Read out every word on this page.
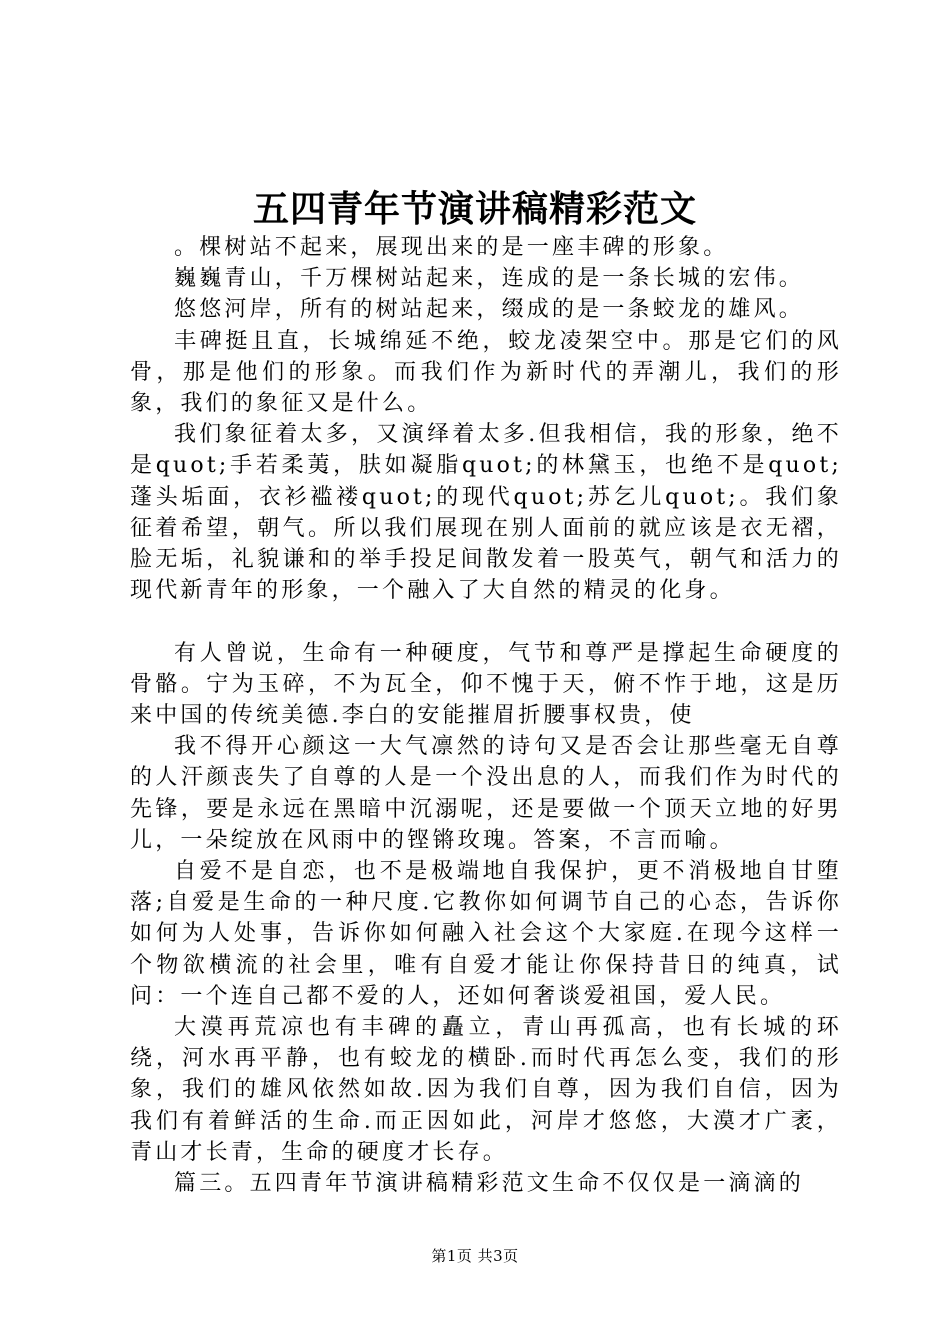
五四青年节演讲稿精彩范文

。棵树站不起来，展现出来的是一座丰碑的形象。

巍巍青山，千万棵树站起来，连成的是一条长城的宏伟。

悠悠河岸，所有的树站起来，缀成的是一条蛟龙的雄风。

丰碑挺且直，长城绵延不绝，蛟龙凌架空中。那是它们的风骨，那是他们的形象。而我们作为新时代的弄潮儿，我们的形象，我们的象征又是什么。

我们象征着太多，又演绎着太多.但我相信，我的形象，绝不是quot;手若柔荑，肤如凝脂quot;的林黛玉，也绝不是quot;蓬头垢面，衣衫褴褛quot;的现代quot;苏乞儿quot;。我们象征着希望，朝气。所以我们展现在别人面前的就应该是衣无褶，脸无垢，礼貌谦和的举手投足间散发着一股英气，朝气和活力的现代新青年的形象，一个融入了大自然的精灵的化身。

有人曾说，生命有一种硬度，气节和尊严是撑起生命硬度的骨骼。宁为玉碎，不为瓦全，仰不愧于天，俯不怍于地，这是历来中国的传统美德.李白的安能摧眉折腰事权贵，使

我不得开心颜这一大气凛然的诗句又是否会让那些毫无自尊的人汗颜丧失了自尊的人是一个没出息的人，而我们作为时代的先锋，要是永远在黑暗中沉溺呢，还是要做一个顶天立地的好男儿，一朵绽放在风雨中的铿锵玫瑰。答案，不言而喻。

自爱不是自恋，也不是极端地自我保护，更不消极地自甘堕落;自爱是生命的一种尺度.它教你如何调节自己的心态，告诉你如何为人处事，告诉你如何融入社会这个大家庭.在现今这样一个物欲横流的社会里，唯有自爱才能让你保持昔日的纯真，试问：一个连自己都不爱的人，还如何奢谈爱祖国，爱人民。

大漠再荒凉也有丰碑的矗立，青山再孤高，也有长城的环绕，河水再平静，也有蛟龙的横卧.而时代再怎么变，我们的形象，我们的雄风依然如故.因为我们自尊，因为我们自信，因为我们有着鲜活的生命.而正因如此，河岸才悠悠，大漠才广袤，青山才长青，生命的硬度才长存。

篇三。五四青年节演讲稿精彩范文生命不仅仅是一滴滴的

第1页 共3页
